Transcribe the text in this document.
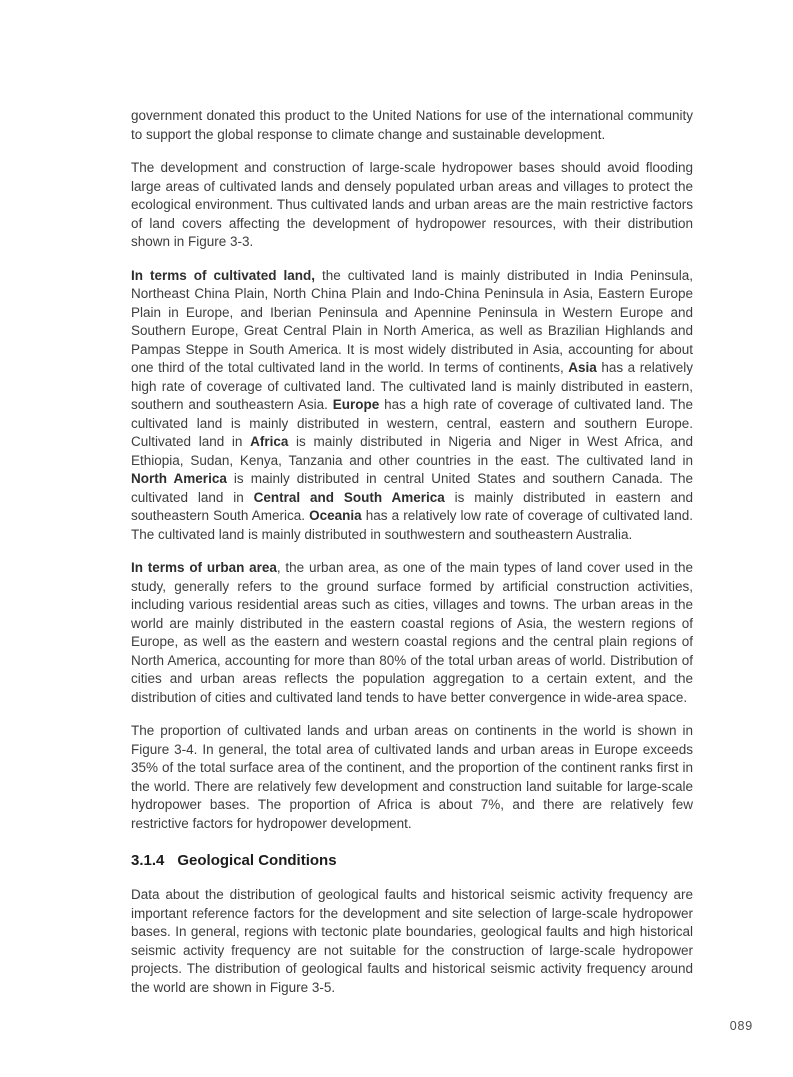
government donated this product to the United Nations for use of the international community to support the global response to climate change and sustainable development.

The development and construction of large-scale hydropower bases should avoid flooding large areas of cultivated lands and densely populated urban areas and villages to protect the ecological environment. Thus cultivated lands and urban areas are the main restrictive factors of land covers affecting the development of hydropower resources, with their distribution shown in Figure 3-3.

In terms of cultivated land, the cultivated land is mainly distributed in India Peninsula, Northeast China Plain, North China Plain and Indo-China Peninsula in Asia, Eastern Europe Plain in Europe, and Iberian Peninsula and Apennine Peninsula in Western Europe and Southern Europe, Great Central Plain in North America, as well as Brazilian Highlands and Pampas Steppe in South America. It is most widely distributed in Asia, accounting for about one third of the total cultivated land in the world. In terms of continents, Asia has a relatively high rate of coverage of cultivated land. The cultivated land is mainly distributed in eastern, southern and southeastern Asia. Europe has a high rate of coverage of cultivated land. The cultivated land is mainly distributed in western, central, eastern and southern Europe. Cultivated land in Africa is mainly distributed in Nigeria and Niger in West Africa, and Ethiopia, Sudan, Kenya, Tanzania and other countries in the east. The cultivated land in North America is mainly distributed in central United States and southern Canada. The cultivated land in Central and South America is mainly distributed in eastern and southeastern South America. Oceania has a relatively low rate of coverage of cultivated land. The cultivated land is mainly distributed in southwestern and southeastern Australia.

In terms of urban area, the urban area, as one of the main types of land cover used in the study, generally refers to the ground surface formed by artificial construction activities, including various residential areas such as cities, villages and towns. The urban areas in the world are mainly distributed in the eastern coastal regions of Asia, the western regions of Europe, as well as the eastern and western coastal regions and the central plain regions of North America, accounting for more than 80% of the total urban areas of world. Distribution of cities and urban areas reflects the population aggregation to a certain extent, and the distribution of cities and cultivated land tends to have better convergence in wide-area space.

The proportion of cultivated lands and urban areas on continents in the world is shown in Figure 3-4. In general, the total area of cultivated lands and urban areas in Europe exceeds 35% of the total surface area of the continent, and the proportion of the continent ranks first in the world. There are relatively few development and construction land suitable for large-scale hydropower bases. The proportion of Africa is about 7%, and there are relatively few restrictive factors for hydropower development.

3.1.4 Geological Conditions

Data about the distribution of geological faults and historical seismic activity frequency are important reference factors for the development and site selection of large-scale hydropower bases. In general, regions with tectonic plate boundaries, geological faults and high historical seismic activity frequency are not suitable for the construction of large-scale hydropower projects. The distribution of geological faults and historical seismic activity frequency around the world are shown in Figure 3-5.

089
